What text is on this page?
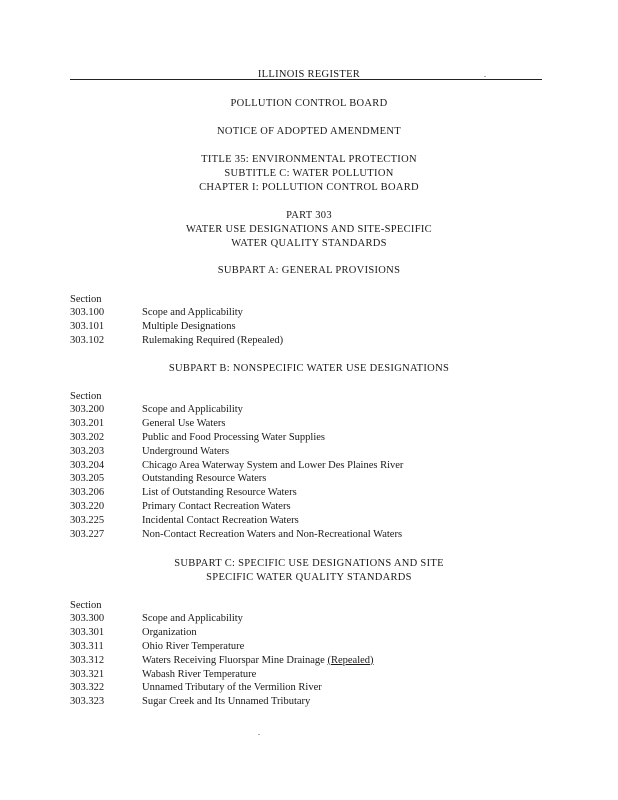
ILLINOIS REGISTER	.
POLLUTION CONTROL BOARD
NOTICE OF ADOPTED AMENDMENT
TITLE 35: ENVIRONMENTAL PROTECTION
SUBTITLE C: WATER POLLUTION
CHAPTER I: POLLUTION CONTROL BOARD
PART 303
WATER USE DESIGNATIONS AND SITE-SPECIFIC
WATER QUALITY STANDARDS
SUBPART A: GENERAL PROVISIONS
Section
303.100	Scope and Applicability
303.101	Multiple Designations
303.102	Rulemaking Required (Repealed)
SUBPART B: NONSPECIFIC WATER USE DESIGNATIONS
Section
303.200	Scope and Applicability
303.201	General Use Waters
303.202	Public and Food Processing Water Supplies
303.203	Underground Waters
303.204	Chicago Area Waterway System and Lower Des Plaines River
303.205	Outstanding Resource Waters
303.206	List of Outstanding Resource Waters
303.220	Primary Contact Recreation Waters
303.225	Incidental Contact Recreation Waters
303.227	Non-Contact Recreation Waters and Non-Recreational Waters
SUBPART C: SPECIFIC USE DESIGNATIONS AND SITE
SPECIFIC WATER QUALITY STANDARDS
Section
303.300	Scope and Applicability
303.301	Organization
303.311	Ohio River Temperature
303.312	Waters Receiving Fluorspar Mine Drainage (Repealed)
303.321	Wabash River Temperature
303.322	Unnamed Tributary of the Vermilion River
303.323	Sugar Creek and Its Unnamed Tributary
.
